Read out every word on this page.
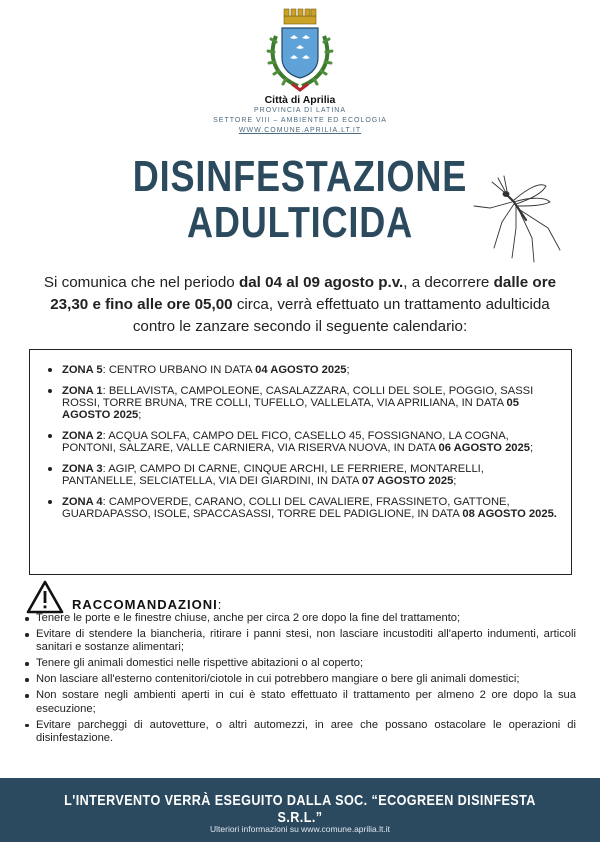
Città di Aprilia
PROVINCIA DI LATINA
SETTORE VIII – AMBIENTE ED ECOLOGIA
WWW.COMUNE.APRILIA.LT.IT
DISINFESTAZIONE
ADULTICIDA
Si comunica che nel periodo dal 04 al 09 agosto p.v., a decorrere dalle ore 23,30 e fino alle ore 05,00 circa, verrà effettuato un trattamento adulticida contro le zanzare secondo il seguente calendario:
ZONA 5: CENTRO URBANO IN DATA 04 AGOSTO 2025;
ZONA 1: BELLAVISTA, CAMPOLEONE, CASALAZZARA, COLLI DEL SOLE, POGGIO, SASSI ROSSI, TORRE BRUNA, TRE COLLI, TUFELLO, VALLELATA, VIA APRILIANA, IN DATA 05 AGOSTO 2025;
ZONA 2: ACQUA SOLFA, CAMPO DEL FICO, CASELLO 45, FOSSIGNANO, LA COGNA, PONTONI, SALZARE, VALLE CARNIERA, VIA RISERVA NUOVA, IN DATA 06 AGOSTO 2025;
ZONA 3: AGIP, CAMPO DI CARNE, CINQUE ARCHI, LE FERRIERE, MONTARELLI, PANTANELLE, SELCIATELLA, VIA DEI GIARDINI, IN DATA 07 AGOSTO 2025;
ZONA 4: CAMPOVERDE, CARANO, COLLI DEL CAVALIERE, FRASSINETO, GATTONE, GUARDAPASSO, ISOLE, SPACCASASSI, TORRE DEL PADIGLIONE, IN DATA 08 AGOSTO 2025.
RACCOMANDAZIONI:
Tenere le porte e le finestre chiuse, anche per circa 2 ore dopo la fine del trattamento;
Evitare di stendere la biancheria, ritirare i panni stesi, non lasciare incustoditi all'aperto indumenti, articoli sanitari e sostanze alimentari;
Tenere gli animali domestici nelle rispettive abitazioni o al coperto;
Non lasciare all'esterno contenitori/ciotole in cui potrebbero mangiare o bere gli animali domestici;
Non sostare negli ambienti aperti in cui è stato effettuato il trattamento per almeno 2 ore dopo la sua esecuzione;
Evitare parcheggi di autovetture, o altri automezzi, in aree che possano ostacolare le operazioni di disinfestazione.
L'INTERVENTO VERRÀ ESEGUITO DALLA SOC. “ECOGREEN DISINFESTA S.R.L.”
Ulteriori informazioni su www.comune.aprilia.lt.it
